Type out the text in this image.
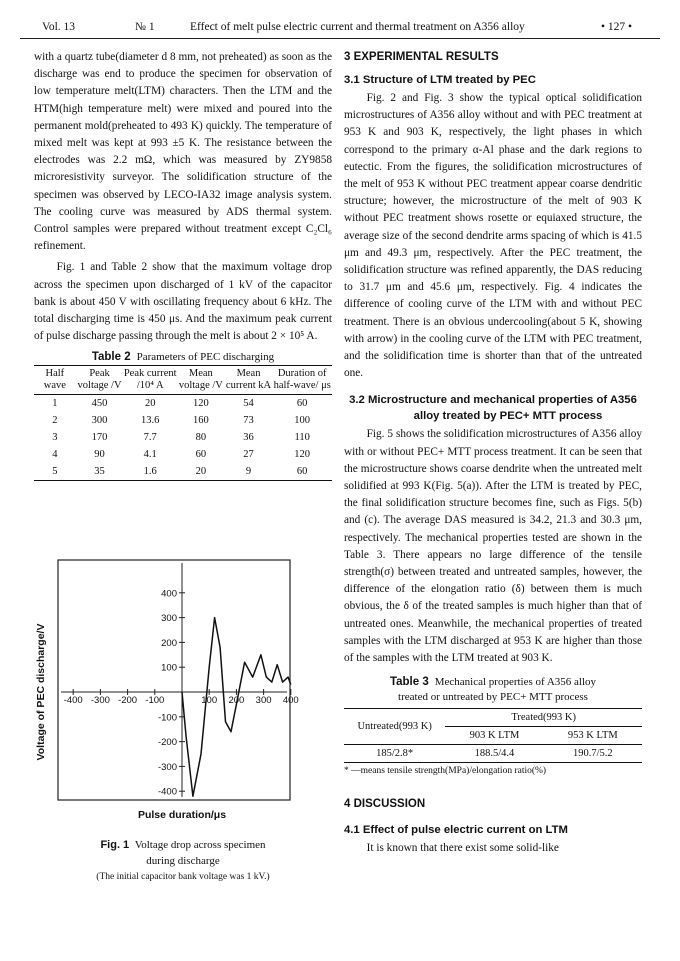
Vol. 13	№ 1	Effect of melt pulse electric current and thermal treatment on A356 alloy	• 127 •

with a quartz tube(diameter d 8 mm, not preheated) as soon as the discharge was end to produce the specimen for observation of low temperature melt(LTM) characters. Then the LTM and the HTM(high temperature melt) were mixed and poured into the permanent mold(preheated to 493 K) quickly. The temperature of mixed melt was kept at 993 ±5 K. The resistance between the electrodes was 2.2 mΩ, which was measured by ZY9858 microresistivity surveyor. The solidification structure of the specimen was observed by LECO-IA32 image analysis system. The cooling curve was measured by ADS thermal system. Control samples were prepared without treatment except C₂Cl₆ refinement.

Fig. 1 and Table 2 show that the maximum voltage drop across the specimen upon discharged of 1 kV of the capacitor bank is about 450 V with oscillating frequency about 6 kHz. The total discharging time is 450 μs. And the maximum peak current of pulse discharge passing through the melt is about 2 × 10⁵ A.

Table 2 Parameters of PEC discharging
Half wave	Peak voltage /V	Peak current /10⁴ A	Mean voltage /V	Mean current kA	Duration of half-wave/ μs
1	450	20	120	54	60
2	300	13.6	160	73	100
3	170	7.7	80	36	110
4	90	4.1	60	27	120
5	35	1.6	20	9	60
-400 -300 -200 -100	100 200 300 400
400
300
200
100
-100
-200
-300
-400
Voltage of PEC discharge/V
Pulse duration/μs
Fig. 1 Voltage drop across specimen
during discharge
(The initial capacitor bank voltage was 1 kV.)
3 EXPERIMENTAL RESULTS
3.1 Structure of LTM treated by PEC

Fig. 2 and Fig. 3 show the typical optical solidification microstructures of A356 alloy without and with PEC treatment at 953 K and 903 K, respectively, the light phases in which correspond to the primary α-Al phase and the dark regions to eutectic. From the figures, the solidification microstructures of the melt of 953 K without PEC treatment appear coarse dendritic structure; however, the microstructure of the melt of 903 K without PEC treatment shows rosette or equiaxed structure, the average size of the second dendrite arms spacing of which is 41.5 μm and 49.3 μm, respectively. After the PEC treatment, the solidification structure was refined apparently, the DAS reducing to 31.7 μm and 45.6 μm, respectively. Fig. 4 indicates the difference of cooling curve of the LTM with and without PEC treatment. There is an obvious undercooling(about 5 K, showing with arrow) in the cooling curve of the LTM with PEC treatment, and the solidification time is shorter than that of the untreated one.

3.2 Microstructure and mechanical properties of A356 alloy treated by PEC+ MTT process

Fig. 5 shows the solidification microstructures of A356 alloy with or without PEC+ MTT process treatment. It can be seen that the microstructure shows coarse dendrite when the untreated melt solidified at 993 K(Fig. 5(a)). After the LTM is treated by PEC, the final solidification structure becomes fine, such as Figs. 5(b) and (c). The average DAS measured is 34.2, 21.3 and 30.3 μm, respectively. The mechanical properties tested are shown in the Table 3. There appears no large difference of the tensile strength(σ) between treated and untreated samples, however, the difference of the elongation ratio (δ) between them is much obvious, the δ of the treated samples is much higher than that of untreated ones. Meanwhile, the mechanical properties of treated samples with the LTM discharged at 953 K are higher than those of the samples with the LTM treated at 903 K.

Table 3 Mechanical properties of A356 alloy
treated or untreated by PEC+ MTT process
Untreated(993 K)	Treated(993 K)	
	903 K LTM	953 K LTM
185/2.8*	188.5/4.4	190.7/5.2
* —means tensile strength(MPa)/elongation ratio(%)
4 DISCUSSION
4.1 Effect of pulse electric current on LTM

It is known that there exist some solid-like
